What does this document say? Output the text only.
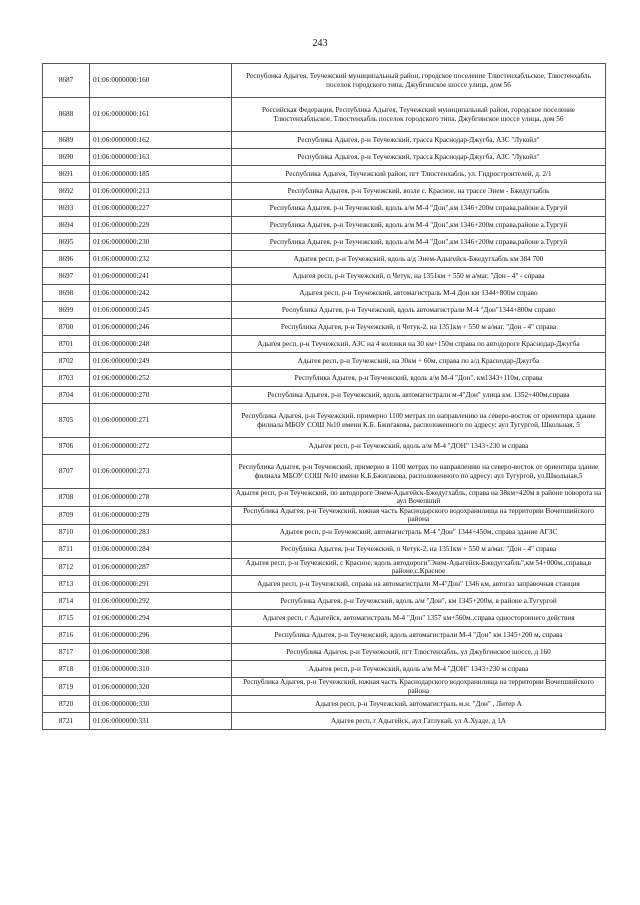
243
8687	01:06:0000000:160	Республика Адыгея, Теучежский муниципальный район, городское поселение Тлюстенхабльское, Тлюстенхабль поселок городского типа, Джубгинское шоссе улица, дом 56
8688	01:06:0000000:161	Российская Федерация, Республика Адыгея, Теучежский муниципальный район, городское поселение Тлюстенхабльское, Тлюстенхабль поселок городского типа, Джубгинское шоссе улица, дом 56
8689	01:06:0000000:162	Республика Адыгея, р-н Теучежский, трасса Краснодар-Джугба, АЗС "Лукойл"
8690	01:06:0000000:163	Республика Адыгея, р-н Теучежский, трасса Краснодар-Джугба, АЗС "Лукойл"
8691	01:06:0000000:185	Республика Адыгея, Теучежский район, пгт Тлюстенхабль, ул. Гидростроителей, д. 2/1
8692	01:06:0000000:213	Республика Адыгея, р-н Теучежский, возле с. Красное, на трассе Энем - Бжедугхабль
8693	01:06:0000000:227	Республика Адыгея, р-н Теучежский, вдоль а/м М-4 "Дон",км 1346+200м справа,районе а.Тургуй
8694	01:06:0000000:229	Республика Адыгея, р-н Теучежский, вдоль а/м М-4 "Дон",км 1346+200м справа,районе а.Тургуй
8695	01:06:0000000:230	Республика Адыгея, р-н Теучежский, вдоль а/м М-4 "Дон",км 1346+200м справа,районе а.Тургуй
8696	01:06:0000000:232	Адыгея респ, р-н Теучежский, вдоль а/д Энем-Адыгейск-Бжедугхабль км 384 700
8697	01:06:0000000:241	Адыгея респ, р-н Теучежский, п Четук, на 1351км + 550 м а/маг. "Дон - 4" - справа
8698	01:06:0000000:242	Адыгея респ, р-н Теучежский, автомагистраль М-4 Дон км 1344+800м справо
8699	01:06:0000000:245	Республика Адыгея, р-н Теучежский, вдоль автомагистрали М-4 "Дон"1344+800м справо
8700	01:06:0000000:246	Республика Адыгея, р-н Теучежский, п Четук-2, на 1351км + 550 м а/маг. "Дон - 4" справа
8701	01:06:0000000:248	Адыгея респ, р-н Теучежский, АЗС на 4 колонки на 30 км+150м справа по автодороге Краснодар-Джугба
8702	01:06:0000000:249	Адыгея респ, р-н Теучежский, на 30км + 60м, справа по а/д Краснодар-Джугба
8703	01:06:0000000:252	Республика Адыгея, р-н Теучежский, вдоль а/м М-4 "Дон", км1343+110м, справа
8704	01:06:0000000:270	Республика Адыгея, р-н Теучежский, вдоль автомагистрали м-4"Дон" улица км. 1352+400м,справа
8705	01:06:0000000:271	Республика Адыгея, р-н Теучежский, примерно 1100 метрах по направлению на северо-восток от ориентира здание филиала МБОУ СОШ №10 имени К.Б. Бжигакова, расположенного по адресу: аул Тугургой, Школьная, 5
8706	01:06:0000000:272	Адыгея респ, р-н Теучежский, вдоль а/м М-4 "ДОН" 1343+230 м справа
8707	01:06:0000000:273	Республика Адыгея, р-н Теучежский, примерно в 1100 метрах по направлению на северо-восток от ориентира здание филиала МБОУ СОШ №10 имени К.Б.Бжигакова, расположенного по адресу: аул Тугургой, ул.Школьная,5
8708	01:06:0000000:278	Адыгея респ, р-н Теучежский, по автодороге Энем-Адыгейск-Бжедугхабль, справа на 38км+420м в районе поворота на аул Вочепший
8709	01:06:0000000:279	Республика Адыгея, р-н Теучежский, южная часть Краснодарского водохранилища на территории Вочепшийского района
8710	01:06:0000000:283	Адыгея респ, р-н Теучежский, автомагистраль М-4 "Дон" 1344+450м, справа здание АГЗС
8711	01:06:0000000:284	Республика Адыгея, р-н Теучежский, п Четук-2, на 1351км + 550 м а/маг. "Дон - 4" справа
8712	01:06:0000000:287	Адыгея респ, р-н Теучежский, с Красное, вдоль автодороги"Энем-Адыгейск-Бжедугхабль",км 54+000м.,справа,в районе,с.Красное
8713	01:06:0000000:291	Адыгея респ, р-н Теучежский, справа на автомагистрали М-4"Дон" 1346 км, автогаз заправочная станция
8714	01:06:0000000:292	Республика Адыгея, р-н Теучежский, вдоль а/м "Дон", км 1345+200м, в районе а.Тугургой
8715	01:06:0000000:294	Адыгея респ, г Адыгейск, автомагистраль М-4 "Дон" 1357 км+560м.,справа одностороннего действия
8716	01:06:0000000:296	Республика Адыгея, р-н Теучежский, вдоль автомагистрали М-4 "Дон" км 1345+200 м, справа
8717	01:06:0000000:308	Республика Адыгея, р-н Теучежский, пгт Тлюстенхабль, ул Джубгинское шоссе, д 160
8718	01:06:0000000:310	Адыгея респ, р-н Теучежский, вдоль а/м М-4 "ДОН" 1343+230 м справа
8719	01:06:0000000:320	Республика Адыгея, р-н Теучежский, южная часть Краснодарского водохранилища на территории Вочепшийского района
8720	01:06:0000000:330	Адыгея респ, р-н Теучежский, автомагистраль м.н. "Дон" , Литер А
8721	01:06:0000000:331	Адыгея респ, г Адыгейск, аул Гатлукай, ул А.Хуаде, д 1А
